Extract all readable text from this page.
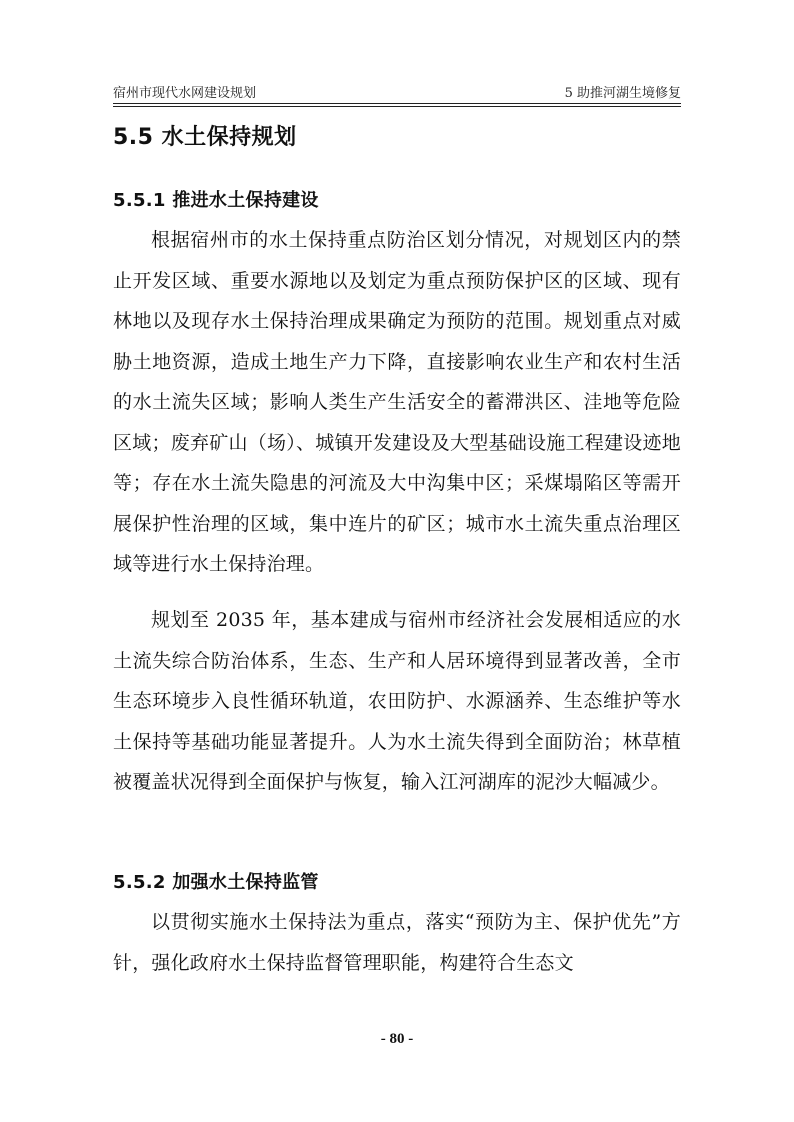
宿州市现代水网建设规划	5 助推河湖生境修复
5.5 水土保持规划
5.5.1 推进水土保持建设

根据宿州市的水土保持重点防治区划分情况，对规划区内的禁止开发区域、重要水源地以及划定为重点预防保护区的区域、现有林地以及现存水土保持治理成果确定为预防的范围。规划重点对威胁土地资源，造成土地生产力下降，直接影响农业生产和农村生活的水土流失区域；影响人类生产生活安全的蓄滞洪区、洼地等危险区域；废弃矿山（场）、城镇开发建设及大型基础设施工程建设迹地等；存在水土流失隐患的河流及大中沟集中区；采煤塌陷区等需开展保护性治理的区域，集中连片的矿区；城市水土流失重点治理区域等进行水土保持治理。

规划至 2035 年，基本建成与宿州市经济社会发展相适应的水土流失综合防治体系，生态、生产和人居环境得到显著改善，全市生态环境步入良性循环轨道，农田防护、水源涵养、生态维护等水土保持等基础功能显著提升。人为水土流失得到全面防治；林草植被覆盖状况得到全面保护与恢复，输入江河湖库的泥沙大幅减少。

5.5.2 加强水土保持监管

以贯彻实施水土保持法为重点，落实“预防为主、保护优先”方针，强化政府水土保持监督管理职能，构建符合生态文

- 80 -
